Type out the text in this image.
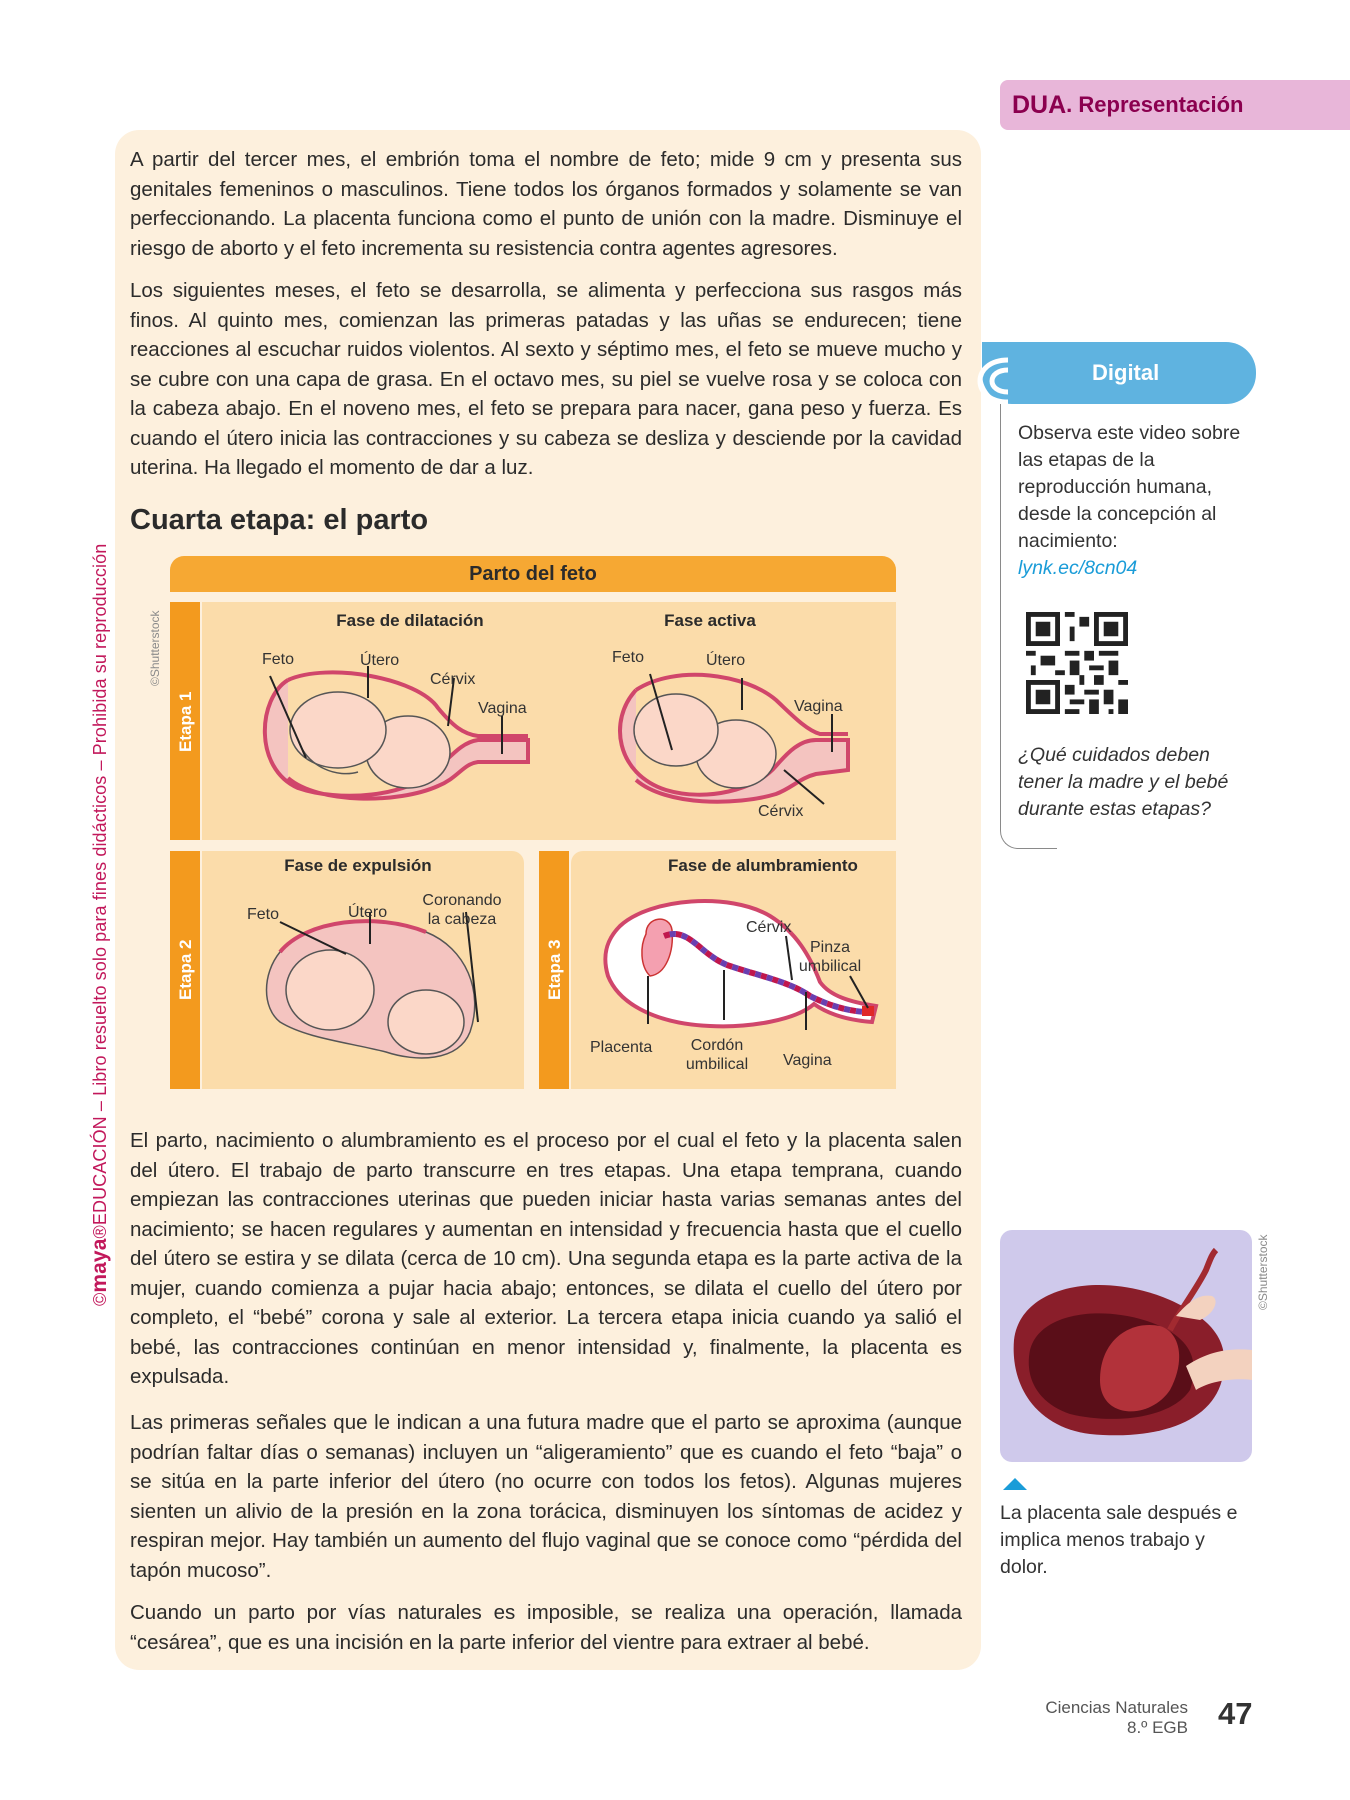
©maya®EDUCACIÓN – Libro resuelto solo para fines didácticos – Prohibida su reproducción
DUA . Representación

A partir del tercer mes, el embrión toma el nombre de feto; mide 9 cm y presenta sus genitales femeninos o masculinos. Tiene todos los órganos formados y solamente se van perfeccionando. La placenta funciona como el punto de unión con la madre. Disminuye el riesgo de aborto y el feto incrementa su resistencia contra agentes agresores.

Los siguientes meses, el feto se desarrolla, se alimenta y perfecciona sus rasgos más finos. Al quinto mes, comienzan las primeras patadas y las uñas se endurecen; tiene reacciones al escuchar ruidos violentos. Al sexto y séptimo mes, el feto se mueve mucho y se cubre con una capa de grasa. En el octavo mes, su piel se vuelve rosa y se coloca con la cabeza abajo. En el noveno mes, el feto se prepara para nacer, gana peso y fuerza. Es cuando el útero inicia las contracciones y su cabeza se desliza y desciende por la cavidad uterina. Ha llegado el momento de dar a luz.

Cuarta etapa: el parto
Parto del feto
©Shutterstock
Etapa 1
Fase de dilatación	Fase activa
Feto	Útero
Cérvix
Vagina
Feto	Útero
Vagina
Cérvix
Etapa 2
Fase de expulsión
Feto	Útero
Coronando
la cabeza
Etapa 3
Fase de alumbramiento
Cérvix
Pinza
umbilical
Placenta	Cordón
umbilical	Vagina

El parto, nacimiento o alumbramiento es el proceso por el cual el feto y la placenta salen del útero. El trabajo de parto transcurre en tres etapas. Una etapa temprana, cuando empiezan las contracciones uterinas que pueden iniciar hasta varias semanas antes del nacimiento; se hacen regulares y aumentan en intensidad y frecuencia hasta que el cuello del útero se estira y se dilata (cerca de 10 cm). Una segunda etapa es la parte activa de la mujer, cuando comienza a pujar hacia abajo; entonces, se dilata el cuello del útero por completo, el “bebé” corona y sale al exterior. La tercera etapa inicia cuando ya salió el bebé, las contracciones continúan en menor intensidad y, finalmente, la placenta es expulsada.

Las primeras señales que le indican a una futura madre que el parto se aproxima (aunque podrían faltar días o semanas) incluyen un “aligeramiento” que es cuando el feto “baja” o se sitúa en la parte inferior del útero (no ocurre con todos los fetos). Algunas mujeres sienten un alivio de la presión en la zona torácica, disminuyen los síntomas de acidez y respiran mejor. Hay también un aumento del flujo vaginal que se conoce como “pérdida del tapón mucoso”.

Cuando un parto por vías naturales es imposible, se realiza una operación, llamada “cesárea”, que es una incisión en la parte inferior del vientre para extraer al bebé.

Digital

Observa este video sobre las etapas de la reproducción humana, desde la concepción al nacimiento:
lynk.ec/8cn04

¿Qué cuidados deben tener la madre y el bebé durante estas etapas?

©Shutterstock

La placenta sale después e implica menos trabajo y dolor.

Ciencias Naturales
8.º EGB 47
